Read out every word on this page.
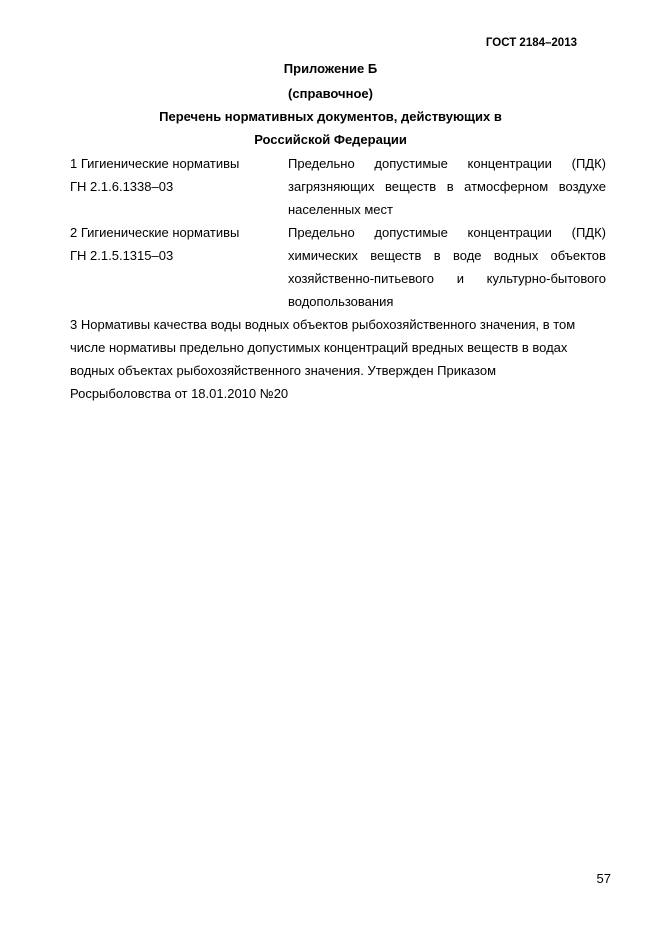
ГОСТ 2184–2013
Приложение Б
(справочное)
Перечень нормативных документов, действующих в
Российской Федерации
1 Гигиенические нормативы
ГН 2.1.6.1338–03
Предельно допустимые концентрации (ПДК)
загрязняющих веществ в атмосферном воздухе
населенных мест
2 Гигиенические нормативы
ГН 2.1.5.1315–03
Предельно допустимые концентрации (ПДК)
химических веществ в воде водных объектов
хозяйственно-питьевого и культурно-бытового
водопользования
3 Нормативы качества воды водных объектов рыбохозяйственного значения, в том
числе нормативы предельно допустимых концентраций вредных веществ в водах
водных объектах рыбохозяйственного значения. Утвержден Приказом
Росрыболовства от 18.01.2010 №20
57
